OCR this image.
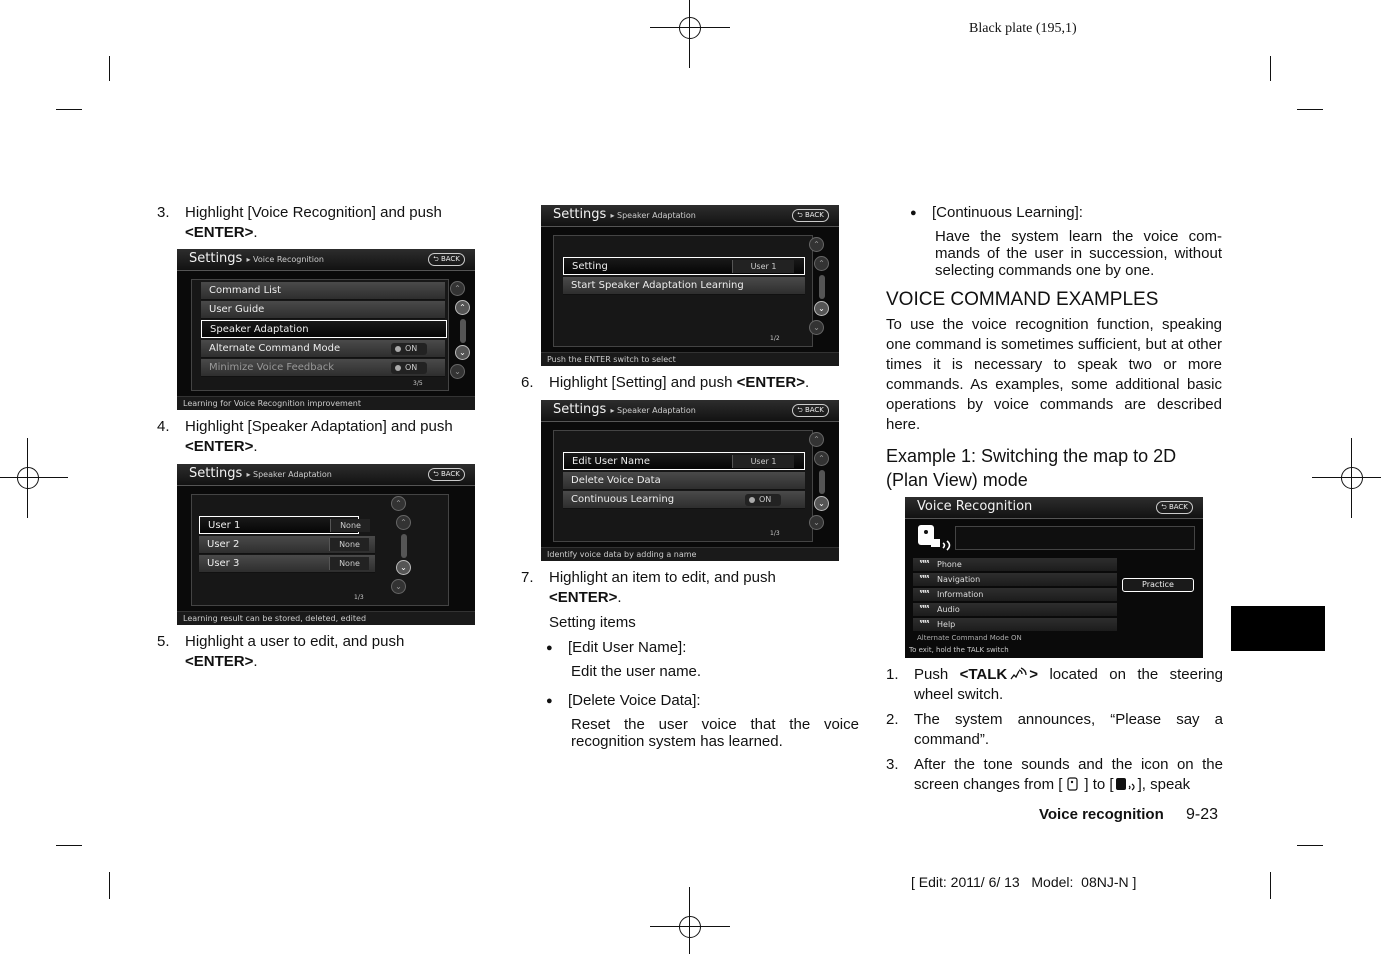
Black plate (195,1)
3. Highlight [Voice Recognition] and push
<ENTER>.
Settings ▸ Voice Recognition	⮌ BACK
Command List
User Guide
Speaker Adaptation
Alternate Command Mode	ON
Minimize Voice Feedback	ON
3/5
⌃
⌃
⌄
⌄
Learning for Voice Recognition improvement
4. Highlight [Speaker Adaptation] and push
<ENTER>.
Settings ▸ Speaker Adaptation	⮌ BACK
User 1	None
User 2	None
User 3	None
1/3
⌃
⌃
⌄
⌄
Learning result can be stored, deleted, edited
5. Highlight a user to edit, and push
<ENTER>.
Settings ▸ Speaker Adaptation	⮌ BACK
Setting	User 1
Start Speaker Adaptation Learning
1/2
⌃
⌃
⌄
⌄
Push the ENTER switch to select
6. Highlight [Setting] and push <ENTER>.
Settings ▸ Speaker Adaptation	⮌ BACK
Edit User Name	User 1
Delete Voice Data
Continuous Learning	ON
1/3
⌃
⌃
⌄
⌄
Identify voice data by adding a name
7. Highlight an item to edit, and push
<ENTER>.
Setting items
● [Edit User Name]:
Edit the user name.
● [Delete Voice Data]:
Reset the user voice that the voice recognition system has learned.
● [Continuous Learning]:
Have the system learn the voice com-mands of the user in succession, without selecting commands one by one.
VOICE COMMAND EXAMPLES
To use the voice recognition function, speaking one command is sometimes sufficient, but at other times it is necessary to speak two or more commands. As examples, some additional basic operations by voice commands are described here.
Example 1: Switching the map to 2D
(Plan View) mode
Voice Recognition	⮌ BACK
‟‟ Phone
‟‟ Navigation
‟‟ Information
‟‟ Audio
‟‟ Help
Practice
Alternate Command Mode ON
To exit, hold the TALK switch
1. Push <TALK > located on the steering wheel switch.
2. The system announces, “Please say a command”.
3. After the tone sounds and the icon on the screen changes from [ ] to [ ], speak
Voice recognition 9-23
[ Edit: 2011/ 6/ 13   Model:  08NJ-N ]
